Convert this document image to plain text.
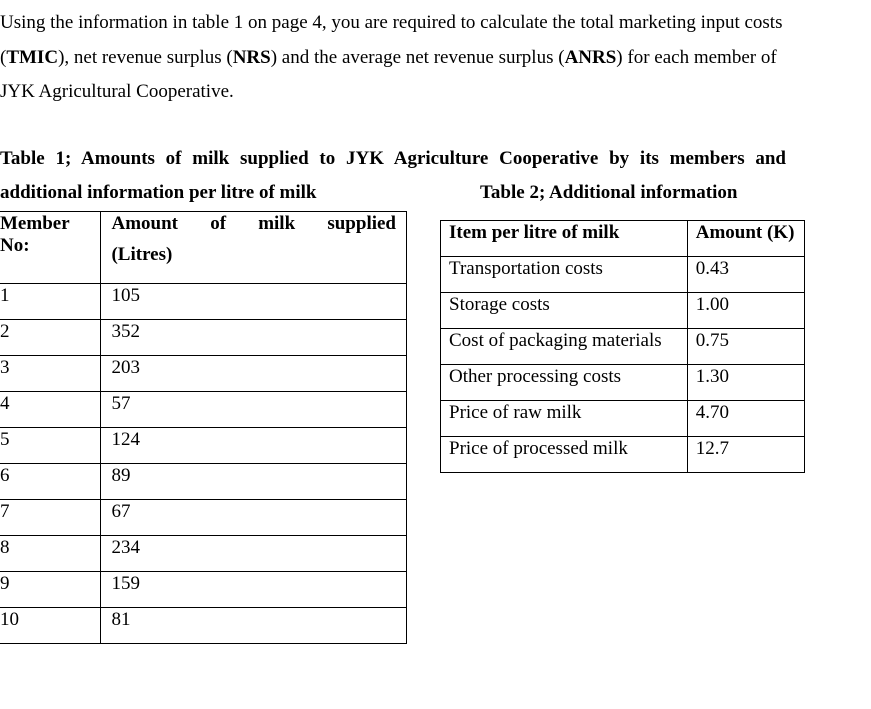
Using the information in table 1 on page 4, you are required to calculate the total marketing input costs (TMIC), net revenue surplus (NRS) and the average net revenue surplus (ANRS) for each member of JYK Agricultural Cooperative.
Table 1; Amounts of milk supplied to JYK Agriculture Cooperative by its members and
additional information per litre of milk	Table 2; Additional information
Member No:	Amount of milk supplied
(Litres)

1	105
2	352
3	203
4	57
5	124
6	89
7	67
8	234
9	159
10	81
Item per litre of milk	Amount (K)
Transportation costs	0.43
Storage costs	1.00
Cost of packaging materials	0.75
Other processing costs	1.30
Price of raw milk	4.70
Price of processed milk	12.7
